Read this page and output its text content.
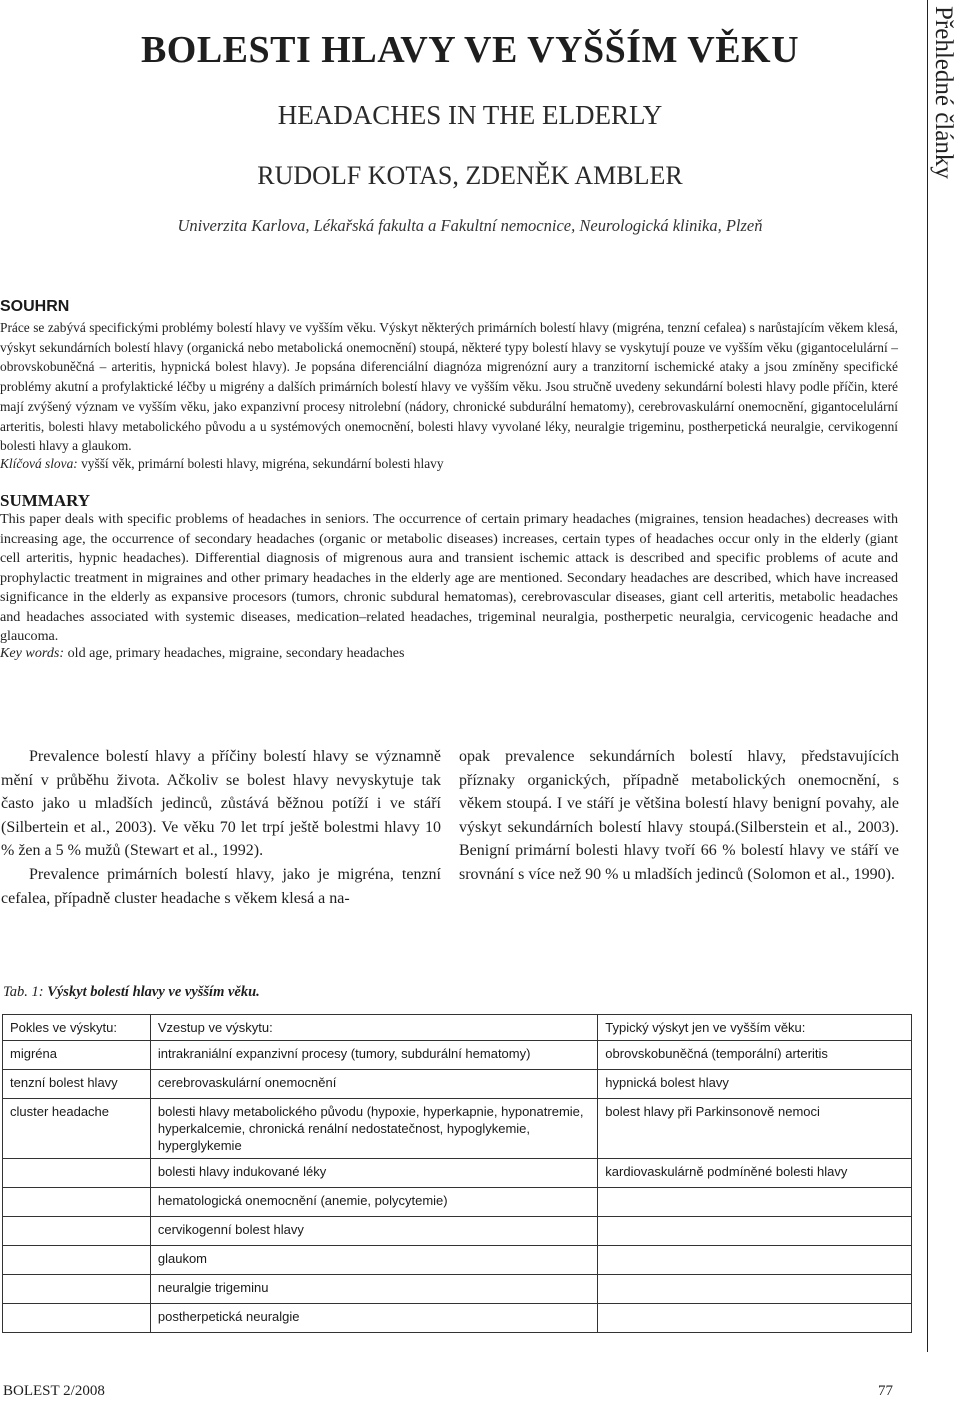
Přehledné články
BOLESTI HLAVY VE VYŠŠÍM VĚKU
HEADACHES IN THE ELDERLY
RUDOLF KOTAS, ZDENĚK AMBLER
Univerzita Karlova, Lékařská fakulta a Fakultní nemocnice, Neurologická klinika, Plzeň
SOUHRN
Práce se zabývá specifickými problémy bolestí hlavy ve vyšším věku. Výskyt některých primárních bolestí hlavy (migréna, tenzní cefalea) s narůstajícím věkem klesá, výskyt sekundárních bolestí hlavy (organická nebo metabolická onemocnění) stoupá, některé typy bolestí hlavy se vyskytují pouze ve vyšším věku (gigantocelulární – obrovskobuněčná – arteritis, hypnická bolest hlavy). Je popsána diferenciální diagnóza migrenózní aury a tranzitorní ischemické ataky a jsou zmíněny specifické problémy akutní a profylaktické léčby u migrény a dalších primárních bolestí hlavy ve vyšším věku. Jsou stručně uvedeny sekundární bolesti hlavy podle příčin, které mají zvýšený význam ve vyšším věku, jako expanzivní procesy nitrolební (nádory, chronické subdurální hematomy), cerebrovaskulární onemocnění, gigantocelulární arteritis, bolesti hlavy metabolického původu a u systémových onemocnění, bolesti hlavy vyvolané léky, neuralgie trigeminu, postherpetická neuralgie, cervikogenní bolesti hlavy a glaukom.
Klíčová slova: vyšší věk, primární bolesti hlavy, migréna, sekundární bolesti hlavy
SUMMARY
This paper deals with specific problems of headaches in seniors. The occurrence of certain primary headaches (migraines, tension headaches) decreases with increasing age, the occurrence of secondary headaches (organic or metabolic diseases) increases, certain types of headaches occur only in the elderly (giant cell arteritis, hypnic headaches). Differential diagnosis of migrenous aura and transient ischemic attack is described and specific problems of acute and prophylactic treatment in migraines and other primary headaches in the elderly age are mentioned. Secondary headaches are described, which have increased significance in the elderly as expansive procesors (tumors, chronic subdural hematomas), cerebrovascular diseases, giant cell arteritis, metabolic headaches and headaches associated with systemic diseases, medication–related headaches, trigeminal neuralgia, postherpetic neuralgia, cervicogenic headache and glaucoma.
Key words: old age, primary headaches, migraine, secondary headaches

Prevalence bolestí hlavy a příčiny bolestí hlavy se významně mění v průběhu života. Ačkoliv se bolest hlavy nevyskytuje tak často jako u mladších jedinců, zůstává běžnou potíží i ve stáří (Silbertein et al., 2003). Ve věku 70 let trpí ještě bolestmi hlavy 10 % žen a 5 % mužů (Stewart et al., 1992).

Prevalence primárních bolestí hlavy, jako je migréna, tenzní cefalea, případně cluster headache s věkem klesá a na-

opak prevalence sekundárních bolestí hlavy, představujících příznaky organických, případně metabolických onemocnění, s věkem stoupá. I ve stáří je většina bolestí hlavy benigní povahy, ale výskyt sekundárních bolestí hlavy stoupá.(Silberstein et al., 2003). Benigní primární bolesti hlavy tvoří 66 % bolestí hlavy ve stáří ve srovnání s více než 90 % u mladších jedinců (Solomon et al., 1990).

Tab. 1: Výskyt bolestí hlavy ve vyšším věku.
Pokles ve výskytu:	Vzestup ve výskytu:	Typický výskyt jen ve vyšším věku:
migréna	intrakraniální expanzivní procesy (tumory, subdurální hematomy)	obrovskobuněčná (temporální) arteritis
tenzní bolest hlavy	cerebrovaskulární onemocnění	hypnická bolest hlavy
cluster headache	bolesti hlavy metabolického původu (hypoxie, hyperkapnie, hyponatremie, hyperkalcemie, chronická renální nedostatečnost, hypoglykemie, hyperglykemie	bolest hlavy při Parkinsonově nemoci
	bolesti hlavy indukované léky	kardiovaskulárně podmíněné bolesti hlavy
	hematologická onemocnění (anemie, polycytemie)	
	cervikogenní bolest hlavy	
	glaukom	
	neuralgie trigeminu	
	postherpetická neuralgie	
BOLEST 2/2008	77
